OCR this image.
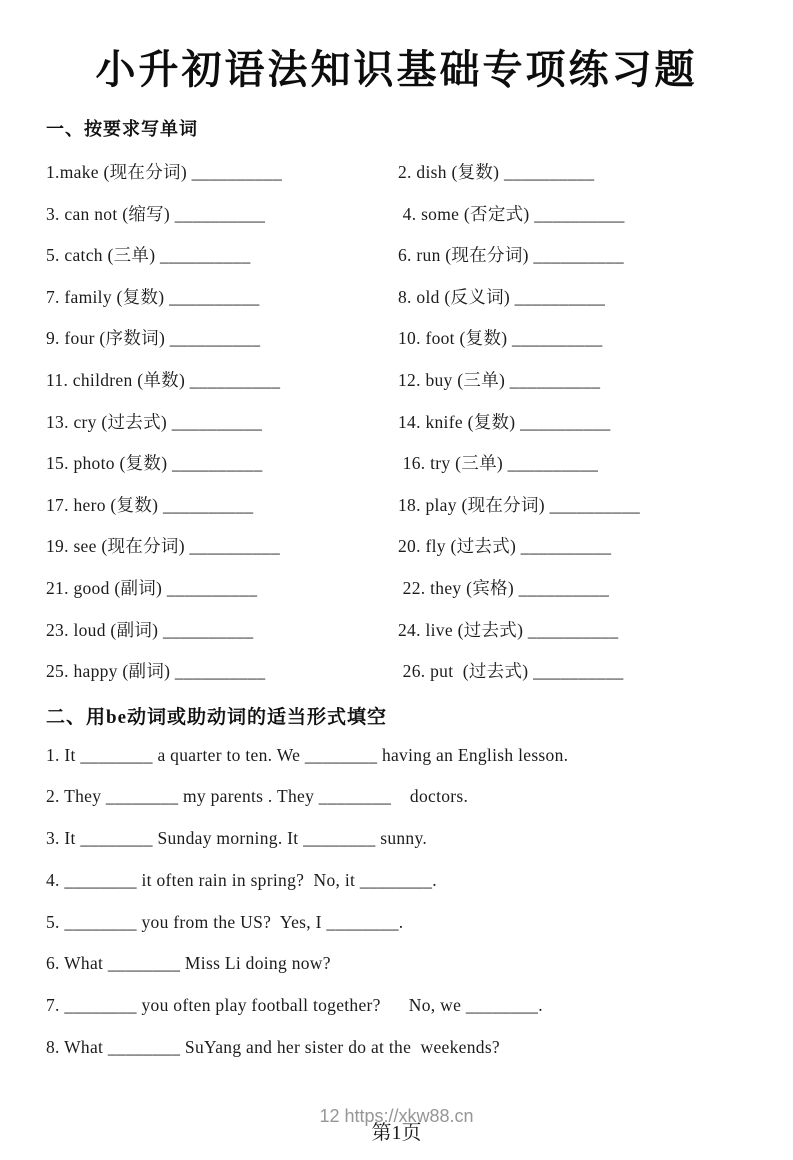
小升初语法知识基础专项练习题
一、按要求写单词
1.make (现在分词) __________	2. dish (复数) __________
3. can not (缩写) __________	4. some (否定式) __________
5. catch (三单) __________	6. run (现在分词) __________
7. family (复数) __________	8. old (反义词) __________
9. four (序数词) __________	10. foot (复数) __________
11. children (单数) __________	12. buy (三单) __________
13. cry (过去式) __________	14. knife (复数) __________
15. photo (复数) __________	16. try (三单) __________
17. hero (复数) __________	18. play (现在分词) __________
19. see (现在分词) __________	20. fly (过去式) __________
21. good (副词) __________	22. they (宾格) __________
23. loud (副词) __________	24. live (过去式) __________
25. happy (副词) __________	26. put  (过去式) __________
二、用be动词或助动词的适当形式填空
1. It ________ a quarter to ten. We ________ having an English lesson.
2. They ________ my parents . They ________    doctors.
3. It ________ Sunday morning. It ________ sunny.
4. ________ it often rain in spring?  No, it ________.
5. ________ you from the US?  Yes, I ________.
6. What ________ Miss Li doing now?
7. ________ you often play football together?      No, we ________.
8. What ________ SuYang and her sister do at the  weekends?
12 https://xkw88.cn
第1页
